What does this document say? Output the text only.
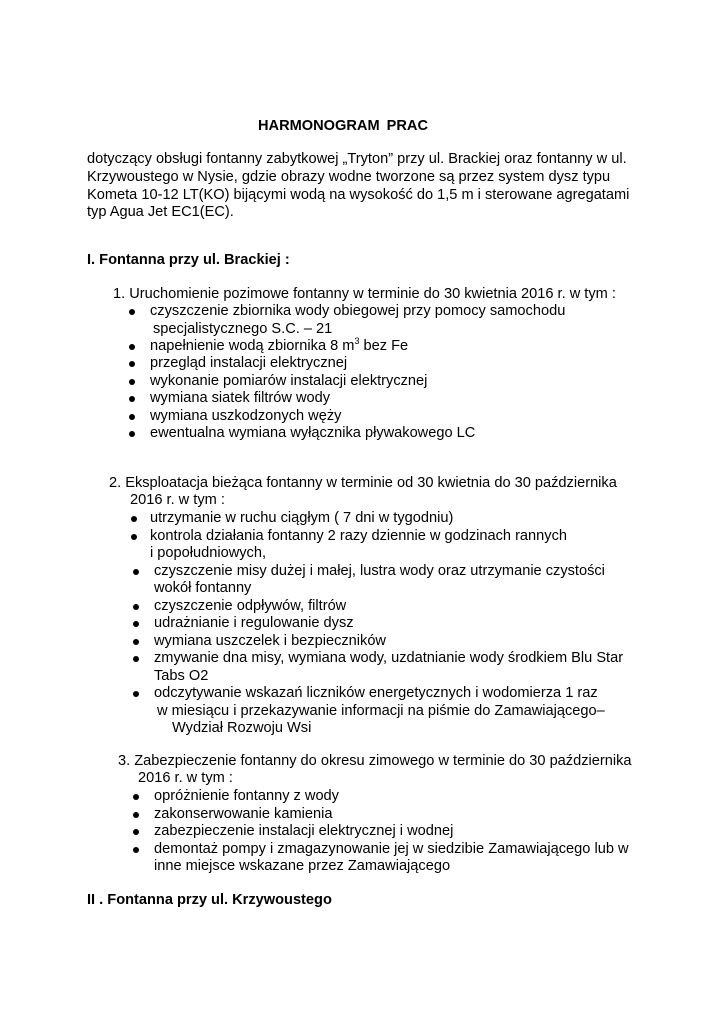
HARMONOGRAM PRAC
dotyczący obsługi fontanny zabytkowej „Tryton” przy ul. Brackiej oraz fontanny w ul.
Krzywoustego w Nysie, gdzie obrazy wodne tworzone są przez system dysz typu
Kometa 10-12 LT(KO) bijącymi wodą na wysokość do 1,5 m i sterowane agregatami
typ Agua Jet EC1(EC).
I. Fontanna przy ul. Brackiej :
1. Uruchomienie pozimowe fontanny w terminie do 30 kwietnia 2016 r. w tym :
czyszczenie zbiornika wody obiegowej przy pomocy samochodu
specjalistycznego S.C. – 21
napełnienie wodą zbiornika 8 $m^3$ bez Fe
przegląd instalacji elektrycznej
wykonanie pomiarów instalacji elektrycznej
wymiana siatek filtrów wody
wymiana uszkodzonych węży
ewentualna wymiana wyłącznika pływakowego LC
2. Eksploatacja bieżąca fontanny w terminie od 30 kwietnia do 30 października
2016 r. w tym :
utrzymanie w ruchu ciągłym ( 7 dni w tygodniu)
kontrola działania fontanny 2 razy dziennie w godzinach rannych
i popołudniowych,
czyszczenie misy dużej i małej, lustra wody oraz utrzymanie czystości
wokół fontanny
czyszczenie odpływów, filtrów
udrażnianie i regulowanie dysz
wymiana uszczelek i bezpieczników
zmywanie dna misy, wymiana wody, uzdatnianie wody środkiem Blu Star
Tabs O2
odczytywanie wskazań liczników energetycznych i wodomierza 1 raz
w miesiącu i przekazywanie informacji na piśmie do Zamawiającego–
Wydział Rozwoju Wsi
3. Zabezpieczenie fontanny do okresu zimowego w terminie do 30 października
2016 r. w tym :
opróżnienie fontanny z wody
zakonserwowanie kamienia
zabezpieczenie instalacji elektrycznej i wodnej
demontaż pompy i zmagazynowanie jej w siedzibie Zamawiającego lub w
inne miejsce wskazane przez Zamawiającego
II . Fontanna przy ul. Krzywoustego
